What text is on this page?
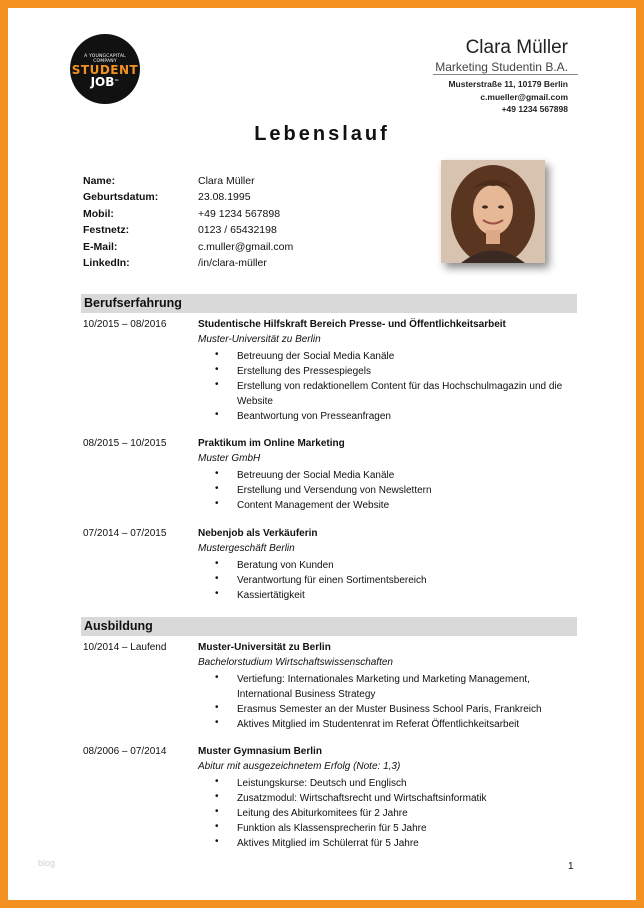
A YOUNGCAPITAL
COMPANY
STUDENT
JOB™
Clara Müller
Marketing Studentin B.A.
Musterstraße 11, 10179 Berlin
c.mueller@gmail.com
+49 1234 567898
Lebenslauf
Name:	Clara Müller
Geburtsdatum:	23.08.1995
Mobil:	+49 1234 567898
Festnetz:	0123 / 65432198
E-Mail:	c.muller@gmail.com
LinkedIn:	/in/clara-müller
Berufserfahrung
10/2015 – 08/2016	Studentische Hilfskraft Bereich Presse- und Öffentlichkeitsarbeit
Muster-Universität zu Berlin
• Betreuung der Social Media Kanäle
• Erstellung des Pressespiegels
• Erstellung von redaktionellem Content für das Hochschulmagazin und die Website
• Beantwortung von Presseanfragen
08/2015 – 10/2015	Praktikum im Online Marketing
Muster GmbH
• Betreuung der Social Media Kanäle
• Erstellung und Versendung von Newslettern
• Content Management der Website
07/2014 – 07/2015	Nebenjob als Verkäuferin
Mustergeschäft Berlin
• Beratung von Kunden
• Verantwortung für einen Sortimentsbereich
• Kassiertätigkeit
Ausbildung
10/2014 – Laufend	Muster-Universität zu Berlin
Bachelorstudium Wirtschaftswissenschaften
• Vertiefung: Internationales Marketing und Marketing Management, International Business Strategy
• Erasmus Semester an der Muster Business School Paris, Frankreich
• Aktives Mitglied im Studentenrat im Referat Öffentlichkeitsarbeit
08/2006 – 07/2014	Muster Gymnasium Berlin
Abitur mit ausgezeichnetem Erfolg (Note: 1,3)
• Leistungskurse: Deutsch und Englisch
• Zusatzmodul: Wirtschaftsrecht und Wirtschaftsinformatik
• Leitung des Abiturkomitees für 2 Jahre
• Funktion als Klassensprecherin für 5 Jahre
• Aktives Mitglied im Schülerrat für 5 Jahre
blog	1
